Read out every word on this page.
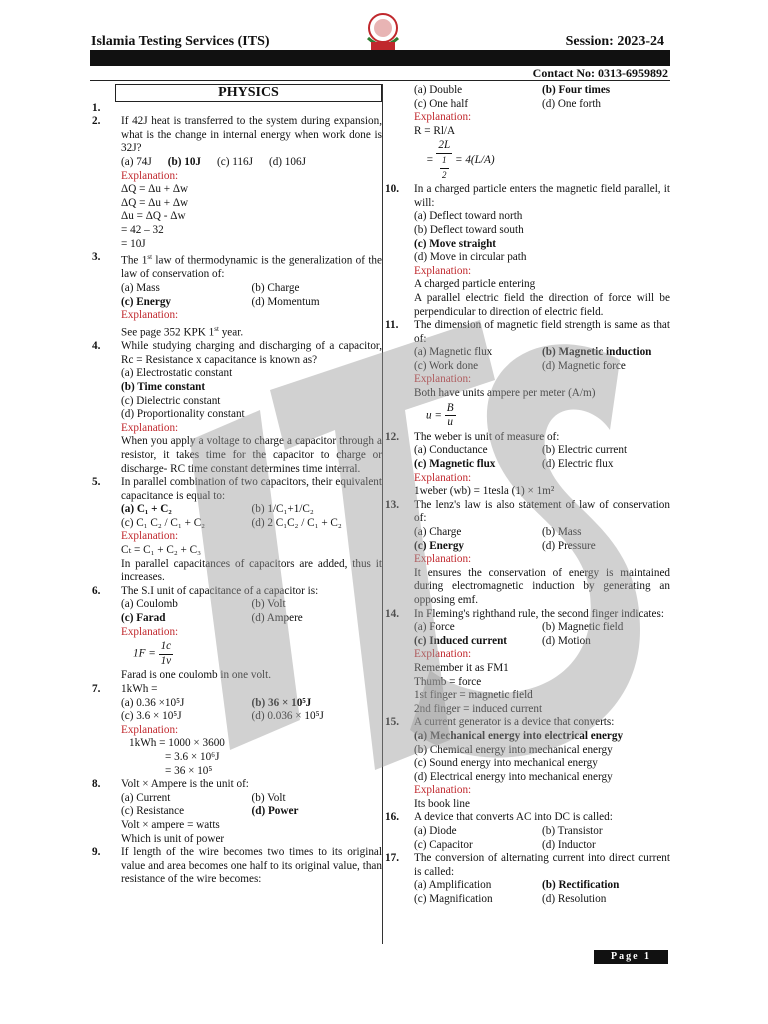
Islamia Testing Services (ITS)	Session: 2023-24
Contact No: 0313-6959892
PHYSICS
1.

2. If 42J heat is transferred to the system during expansion, what is the change in internal energy when work done is 32J?
(a) 74J (b) 10J (c) 116J (d) 106J
Explanation:
ΔQ = Δu + Δw
ΔQ = Δu + Δw
Δu = ΔQ - Δw
= 42 – 32
= 10J
3. The 1st law of thermodynamic is the generalization of the law of conservation of:
(a) Mass	(b) Charge
(c) Energy	(d) Momentum
Explanation:
See page 352 KPK 1st year.
4. While studying charging and discharging of a capacitor, Rc = Resistance x capacitance is known as?
(a) Electrostatic constant
(b) Time constant
(c) Dielectric constant
(d) Proportionality constant
Explanation:
When you apply a voltage to charge a capacitor through a resistor, it takes time for the capacitor to charge or discharge- RC time constant determines time interral.
5. In parallel combination of two capacitors, their equivalent capacitance is equal to:
(a) C₁ + C₂	(b) 1/C₁+1/C₂
(c) C₁ C₂ / C₁ + C₂	(d) 2 C₁C₂ / C₁ + C₂
Explanation:
Cₜ = C₁ + C₂ + C₃
In parallel capacitances of capacitors are added, thus it increases.
6. The S.I unit of capacitance of a capacitor is:
(a) Coulomb	(b) Volt
(c) Farad	(d) Ampere
Explanation:
$1F = \frac{1c}{1v}$
Farad is one coulomb in one volt.
7. 1kWh =
(a) 0.36 ×10⁵J	(b) 36 × 10⁵J
(c) 3.6 × 10⁵J	(d) 0.036 × 10⁵J
Explanation:
1kWh = 1000 × 3600
= 3.6 × 10⁶J
= 36 × 10⁵
8. Volt × Ampere is the unit of:
(a) Current	(b) Volt
(c) Resistance	(d) Power
Volt × ampere = watts
Which is unit of power
9. If length of the wire becomes two times to its original value and area becomes one half to its original value, than resistance of the wire becomes:
(a) Double	(b) Four times
(c) One half	(d) One forth
Explanation:
R = Rl/A
= $\frac{2L}{\frac{1}{2}} = 4(L/A)$
10. In a charged particle enters the magnetic field parallel, it will:
(a) Deflect toward north
(b) Deflect toward south
(c) Move straight
(d) Move in circular path
Explanation:
A charged particle entering
A parallel electric field the direction of force will be perpendicular to direction of electric field.
11. The dimension of magnetic field strength is same as that of:
(a) Magnetic flux	(b) Magnetic induction
(c) Work done	(d) Magnetic force
Explanation:
Both have units ampere per meter (A/m)
$u = \frac{B}{u}$
12. The weber is unit of measure of:
(a) Conductance	(b) Electric current
(c) Magnetic flux	(d) Electric flux
Explanation:
1weber (wb) = 1tesla (1) × 1m²
13. The lenz's law is also statement of law of conservation of:
(a) Charge	(b) Mass
(c) Energy	(d) Pressure
Explanation:
It ensures the conservation of energy is maintained during electromagnetic induction by generating an opposing emf.
14. In Fleming's righthand rule, the second finger indicates:
(a) Force	(b) Magnetic field
(c) Induced current	(d) Motion
Explanation:
Remember it as FM1
Thumb = force
1st finger = magnetic field
2nd finger = induced current
15. A current generator is a device that converts:
(a) Mechanical energy into electrical energy
(b) Chemical energy into mechanical energy
(c) Sound energy into mechanical energy
(d) Electrical energy into mechanical energy
Explanation:
Its book line
16. A device that converts AC into DC is called:
(a) Diode	(b) Transistor
(c) Capacitor	(d) Inductor
17. The conversion of alternating current into direct current is called:
(a) Amplification	(b) Rectification
(c) Magnification	(d) Resolution
Page 1
